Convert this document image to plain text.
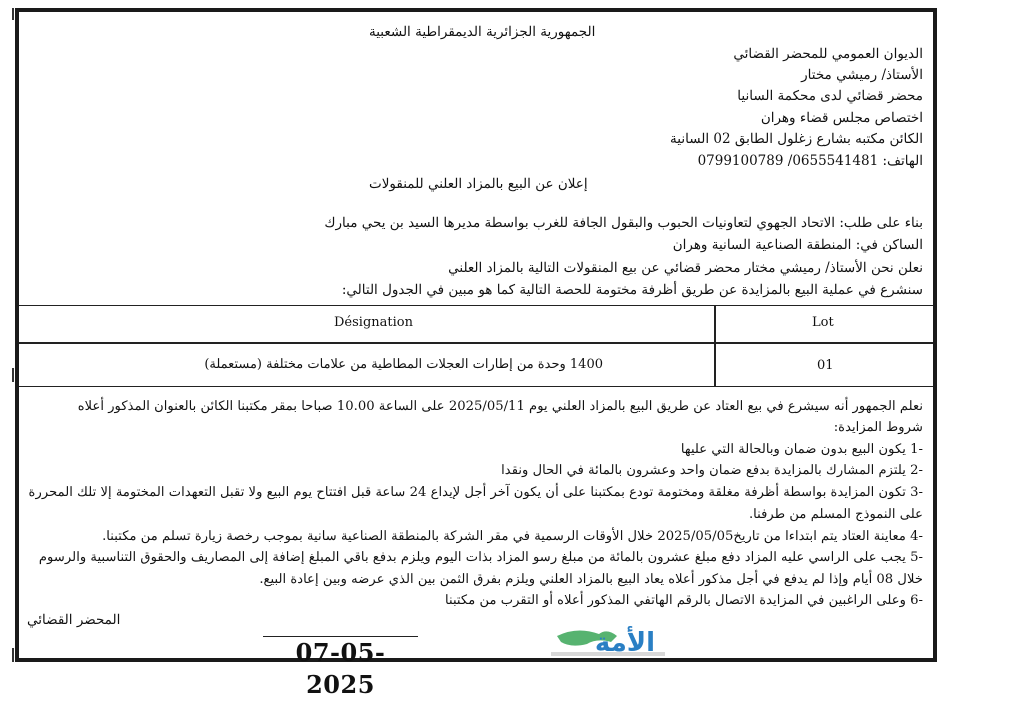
الجمهورية الجزائرية الديمقراطية الشعبية
الديوان العمومي للمحضر القضائي
الأستاذ/ رميشي مختار
محضر قضائي لدى محكمة السانيا
اختصاص مجلس قضاء وهران
الكائن مكتبه بشارع زغلول الطابق 02 السانية
الهاتف: 0655541481/ 0799100789
إعلان عن البيع بالمزاد العلني للمنقولات
بناء على طلب: الاتحاد الجهوي لتعاونيات الحبوب والبقول الجافة للغرب بواسطة مديرها السيد بن يحي مبارك
الساكن في: المنطقة الصناعية السانية وهران
نعلن نحن الأستاذ/ رميشي مختار محضر قضائي عن بيع المنقولات التالية بالمزاد العلني
سنشرع في عملية البيع بالمزايدة عن طريق أظرفة مختومة للحصة التالية كما هو مبين في الجدول التالي:
Désignation	Lot
1400 وحدة من إطارات العجلات المطاطية من علامات مختلفة (مستعملة)	01
نعلم الجمهور أنه سيشرع في بيع العتاد عن طريق البيع بالمزاد العلني يوم 2025/05/11 على الساعة 10.00 صباحا بمقر مكتبنا الكائن بالعنوان المذكور أعلاه
شروط المزايدة:
-1 يكون البيع بدون ضمان وبالحالة التي عليها
-2 يلتزم المشارك بالمزايدة بدفع ضمان واحد وعشرون بالمائة في الحال ونقدا
-3 تكون المزايدة بواسطة أظرفة مغلقة ومختومة تودع بمكتبنا على أن يكون آخر أجل لإيداع 24 ساعة قبل افتتاح يوم البيع ولا تقبل التعهدات المختومة إلا تلك المحررة
على النموذج المسلم من طرفنا.
-4 معاينة العتاد يتم ابتداءا من تاريخ2025/05/05 خلال الأوقات الرسمية في مقر الشركة بالمنطقة الصناعية سانية بموجب رخصة زيارة تسلم من مكتبنا.
-5 يجب على الراسي عليه المزاد دفع مبلغ عشرون بالمائة من مبلغ رسو المزاد بذات اليوم ويلزم بدفع باقي المبلغ إضافة إلى المصاريف والحقوق التناسبية والرسوم
خلال 08 أيام وإذا لم يدفع في أجل مذكور أعلاه يعاد البيع بالمزاد العلني ويلزم بفرق الثمن بين الذي عرضه وبين إعادة البيع.
-6 وعلى الراغبين في المزايدة الاتصال بالرقم الهاتفي المذكور أعلاه أو التقرب من مكتبنا
المحضر القضائي
الأمة
07-05-2025
